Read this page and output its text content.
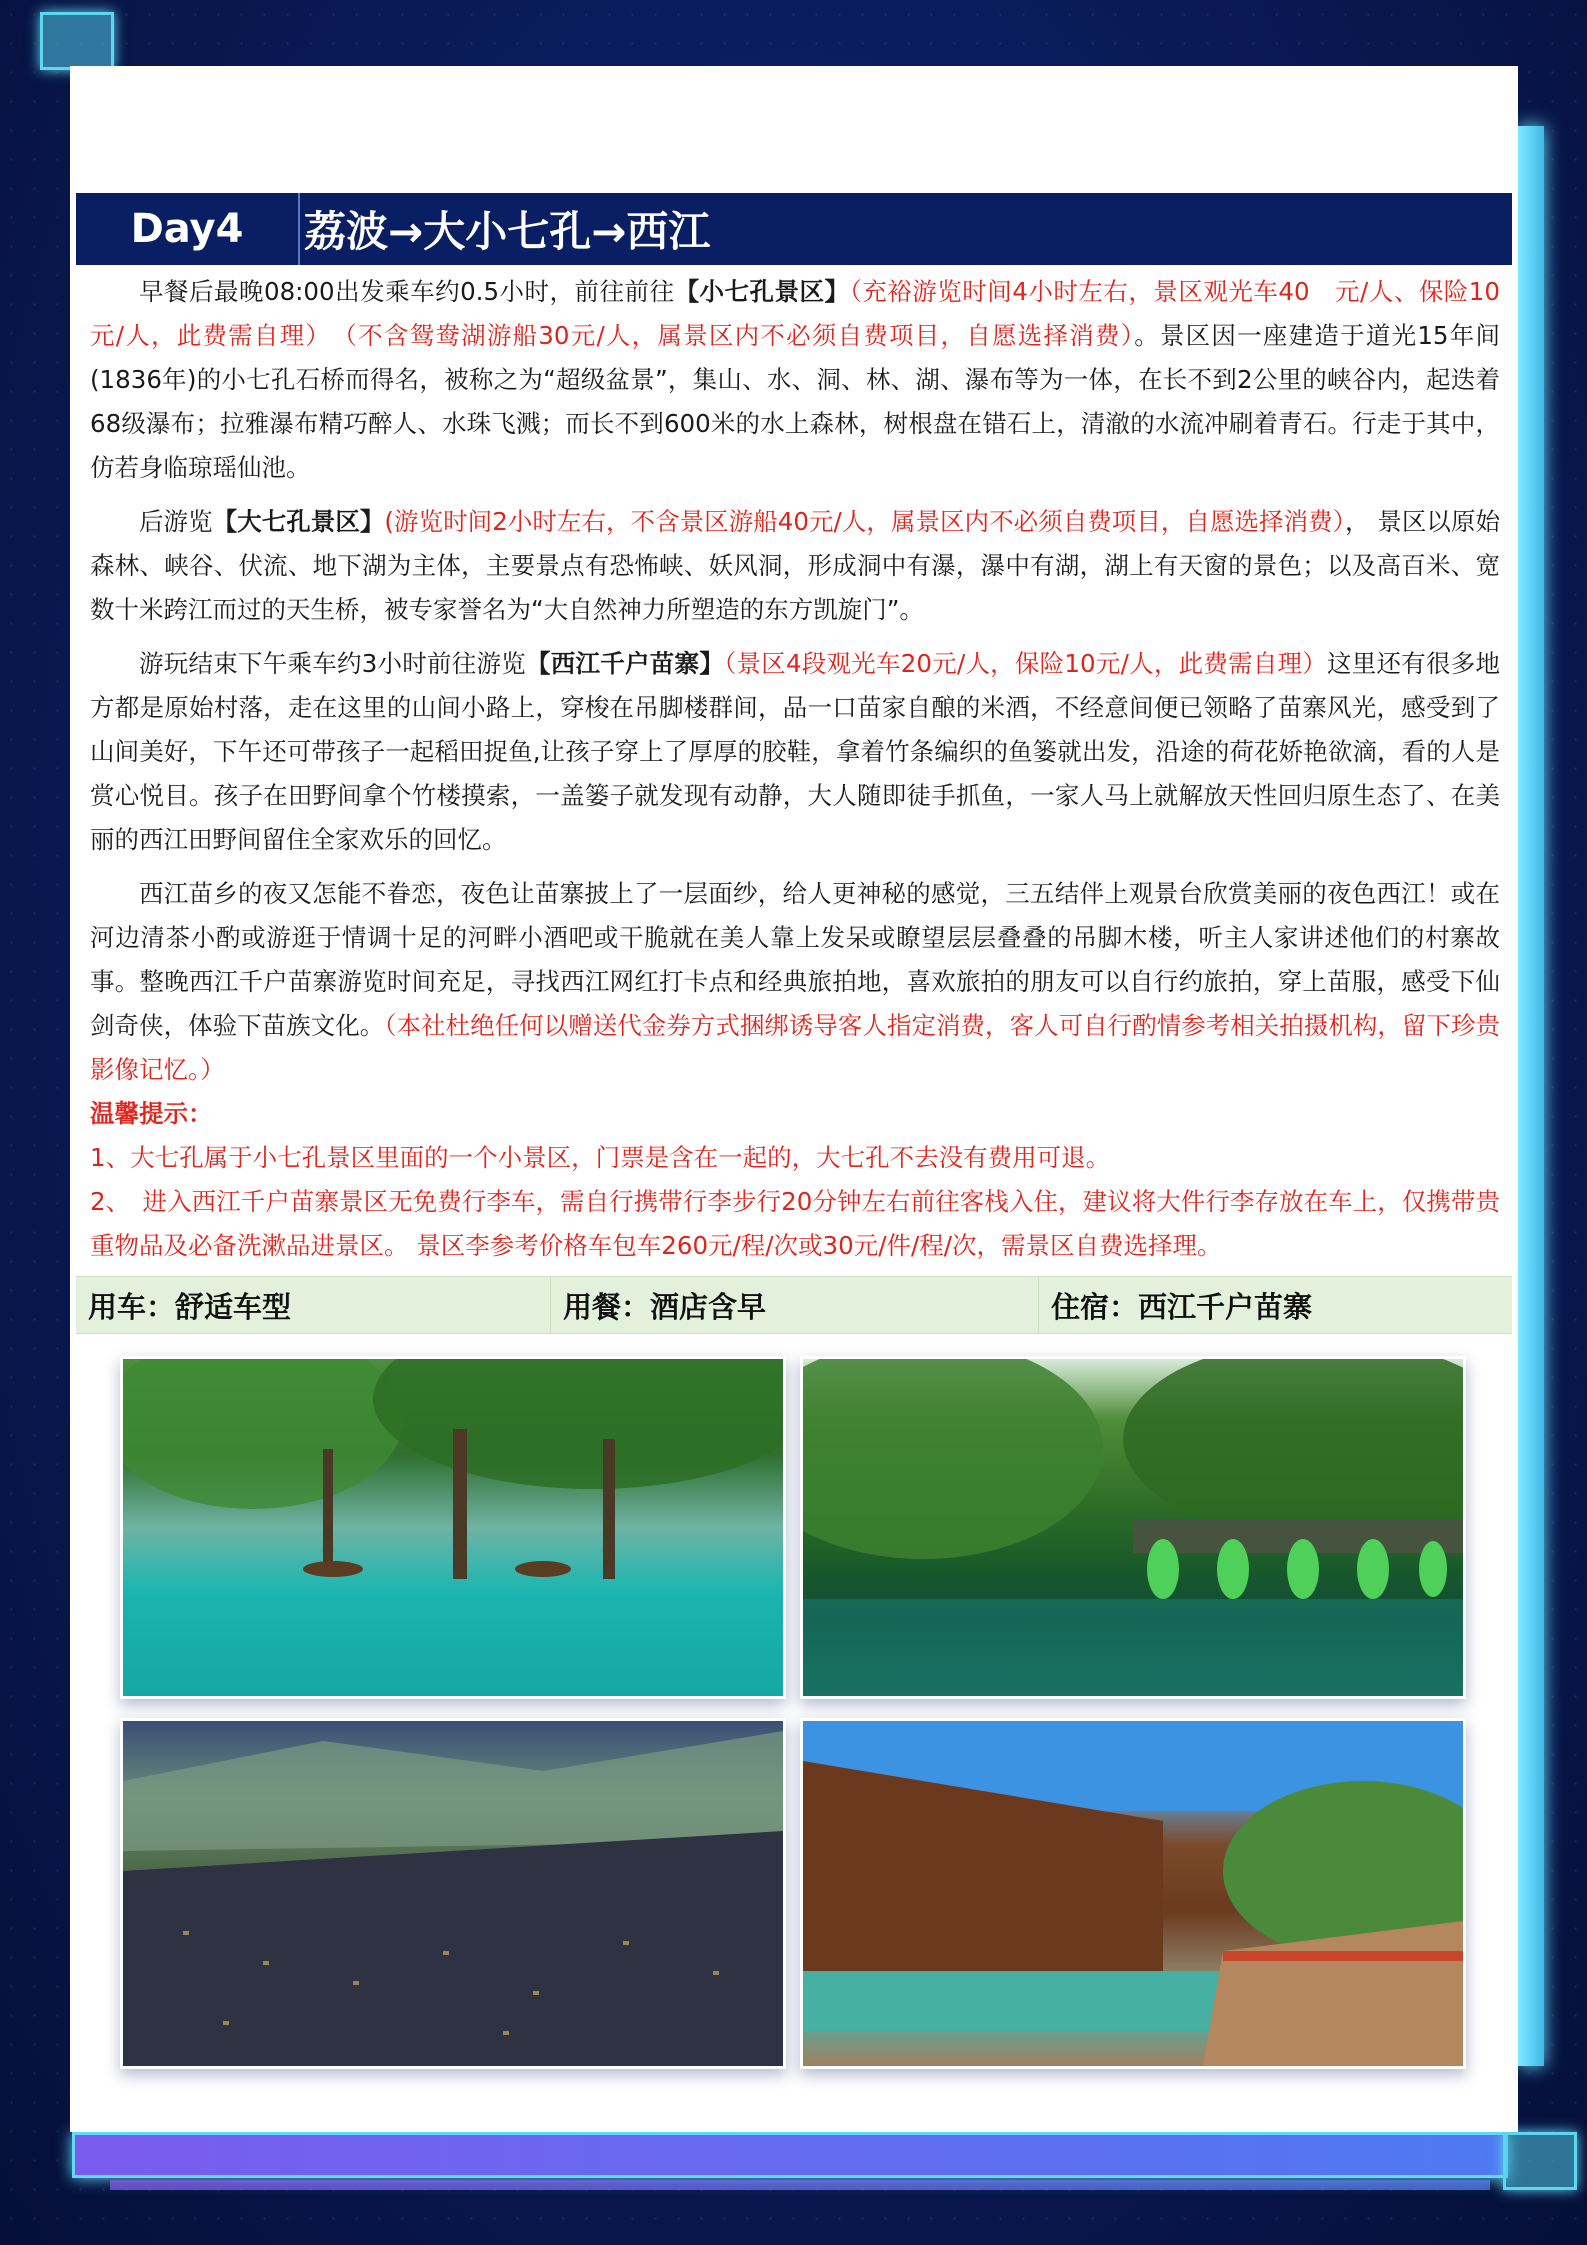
Day4	荔波→大小七孔→西江

早餐后最晚08:00出发乘车约0.5小时，前往前往【小七孔景区】（充裕游览时间4小时左右，景区观光车40　元/人、保险10元/人，此费需自理）　（不含鸳鸯湖游船30元/人，属景区内不必须自费项目，自愿选择消费）。景区因一座建造于道光15年间(1836年)的小七孔石桥而得名，被称之为“超级盆景”，集山、水、洞、林、湖、瀑布等为一体，在长不到2公里的峡谷内，起迭着68级瀑布；拉雅瀑布精巧醉人、水珠飞溅；而长不到600米的水上森林，树根盘在错石上，清澈的水流冲刷着青石。行走于其中，仿若身临琼瑶仙池。

后游览【大七孔景区】(游览时间2小时左右，不含景区游船40元/人，属景区内不必须自费项目，自愿选择消费）， 景区以原始森林、峡谷、伏流、地下湖为主体，主要景点有恐怖峡、妖风洞，形成洞中有瀑，瀑中有湖，湖上有天窗的景色；以及高百米、宽数十米跨江而过的天生桥，被专家誉名为“大自然神力所塑造的东方凯旋门”。

游玩结束下午乘车约3小时前往游览【西江千户苗寨】（景区4段观光车20元/人，保险10元/人，此费需自理）这里还有很多地方都是原始村落，走在这里的山间小路上，穿梭在吊脚楼群间，品一口苗家自酿的米酒，不经意间便已领略了苗寨风光，感受到了山间美好，下午还可带孩子一起稻田捉鱼,让孩子穿上了厚厚的胶鞋，拿着竹条编织的鱼篓就出发，沿途的荷花娇艳欲滴，看的人是赏心悦目。孩子在田野间拿个竹楼摸索，一盖篓子就发现有动静，大人随即徒手抓鱼，一家人马上就解放天性回归原生态了、在美丽的西江田野间留住全家欢乐的回忆。

西江苗乡的夜又怎能不眷恋，夜色让苗寨披上了一层面纱，给人更神秘的感觉，三五结伴上观景台欣赏美丽的夜色西江！或在河边清茶小酌或游逛于情调十足的河畔小酒吧或干脆就在美人靠上发呆或瞭望层层叠叠的吊脚木楼，听主人家讲述他们的村寨故事。整晚西江千户苗寨游览时间充足，寻找西江网红打卡点和经典旅拍地，喜欢旅拍的朋友可以自行约旅拍，穿上苗服，感受下仙剑奇侠，体验下苗族文化。（本社杜绝任何以赠送代金券方式捆绑诱导客人指定消费，客人可自行酌情参考相关拍摄机构，留下珍贵影像记忆。）

温馨提示：

1、大七孔属于小七孔景区里面的一个小景区，门票是含在一起的，大七孔不去没有费用可退。

2、　进入西江千户苗寨景区无免费行李车，需自行携带行李步行20分钟左右前往客栈入住，建议将大件行李存放在车上，仅携带贵重物品及必备洗漱品进景区。 景区李参考价格车包车260元/程/次或30元/件/程/次，需景区自费选择理。

用车：舒适车型	用餐：酒店含早	住宿：西江千户苗寨
